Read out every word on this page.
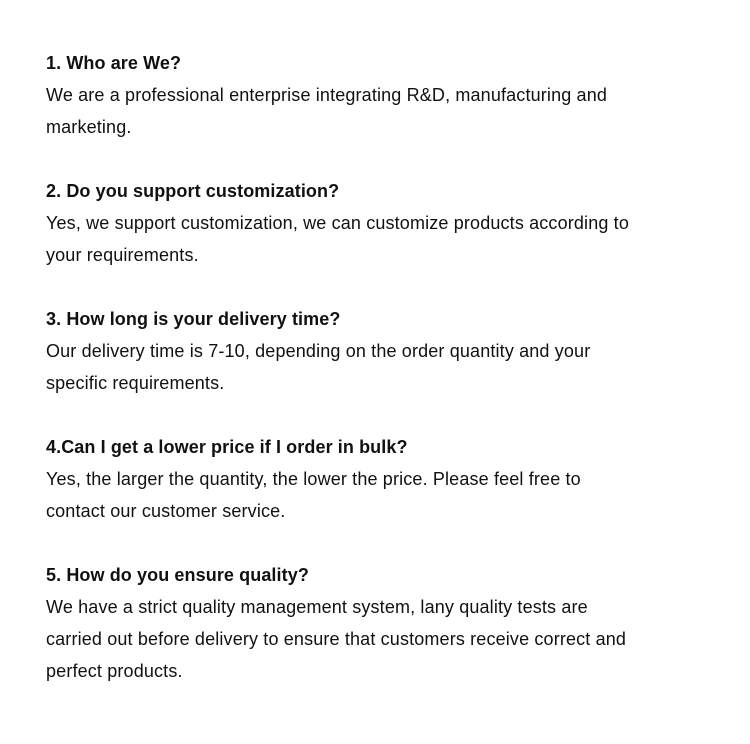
1. Who are We?

We are a professional enterprise integrating R&D, manufacturing and

marketing.

2. Do you support customization?

Yes, we support customization, we can customize products according to

your requirements.

3. How long is your delivery time?

Our delivery time is 7-10, depending on the order quantity and your

specific requirements.

4.Can I get a lower price if I order in bulk?

Yes, the larger the quantity, the lower the price. Please feel free to

contact our customer service.

5. How do you ensure quality?

We have a strict quality management system, lany quality tests are

carried out before delivery to ensure that customers receive correct and

perfect products.
